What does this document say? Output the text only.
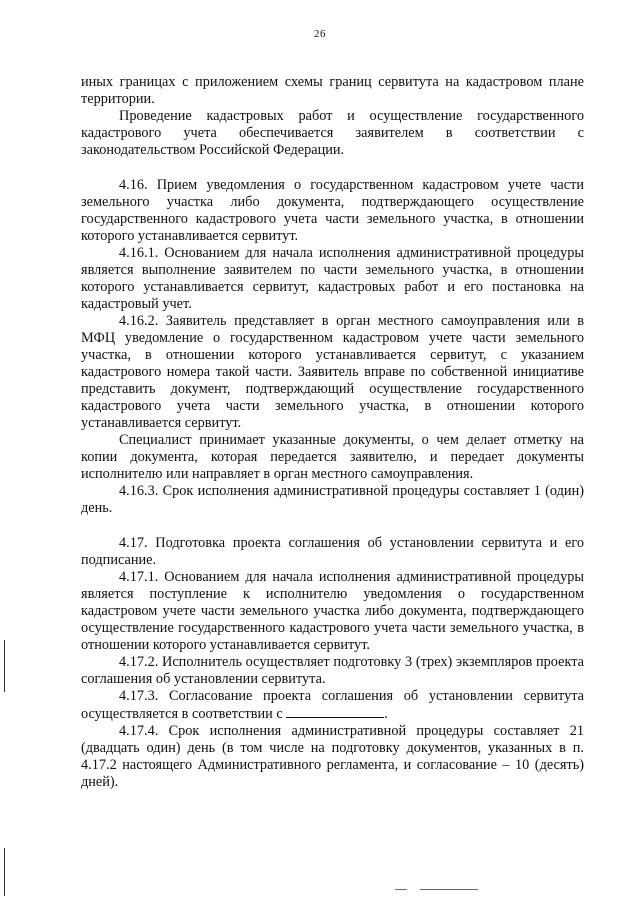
26

иных границах с приложением схемы границ сервитута на кадастровом плане территории.

Проведение кадастровых работ и осуществление государственного кадастрового учета обеспечивается заявителем в соответствии с законодательством Российской Федерации.

4.16. Прием уведомления о государственном кадастровом учете части земельного участка либо документа, подтверждающего осуществление государственного кадастрового учета части земельного участка, в отношении которого устанавливается сервитут.

4.16.1. Основанием для начала исполнения административной процедуры является выполнение заявителем по части земельного участка, в отношении которого устанавливается сервитут, кадастровых работ и его постановка на кадастровый учет.

4.16.2. Заявитель представляет в орган местного самоуправления или в МФЦ уведомление о государственном кадастровом учете части земельного участка, в отношении которого устанавливается сервитут, с указанием кадастрового номера такой части. Заявитель вправе по собственной инициативе представить документ, подтверждающий осуществление государственного кадастрового учета части земельного участка, в отношении которого устанавливается сервитут.

Специалист принимает указанные документы, о чем делает отметку на копии документа, которая передается заявителю, и передает документы исполнителю или направляет в орган местного самоуправления.

4.16.3. Срок исполнения административной процедуры составляет 1 (один) день.

4.17. Подготовка проекта соглашения об установлении сервитута и его подписание.

4.17.1. Основанием для начала исполнения административной процедуры является поступление к исполнителю уведомления о государственном кадастровом учете части земельного участка либо документа, подтверждающего осуществление государственного кадастрового учета части земельного участка, в отношении которого устанавливается сервитут.

4.17.2. Исполнитель осуществляет подготовку 3 (трех) экземпляров проекта соглашения об установлении сервитута.

4.17.3. Согласование проекта соглашения об установлении сервитута осуществляется в соответствии с	.

4.17.4. Срок исполнения административной процедуры составляет 21 (двадцать один) день (в том числе на подготовку документов, указанных в п. 4.17.2 настоящего Административного регламента, и согласование – 10 (десять) дней).
